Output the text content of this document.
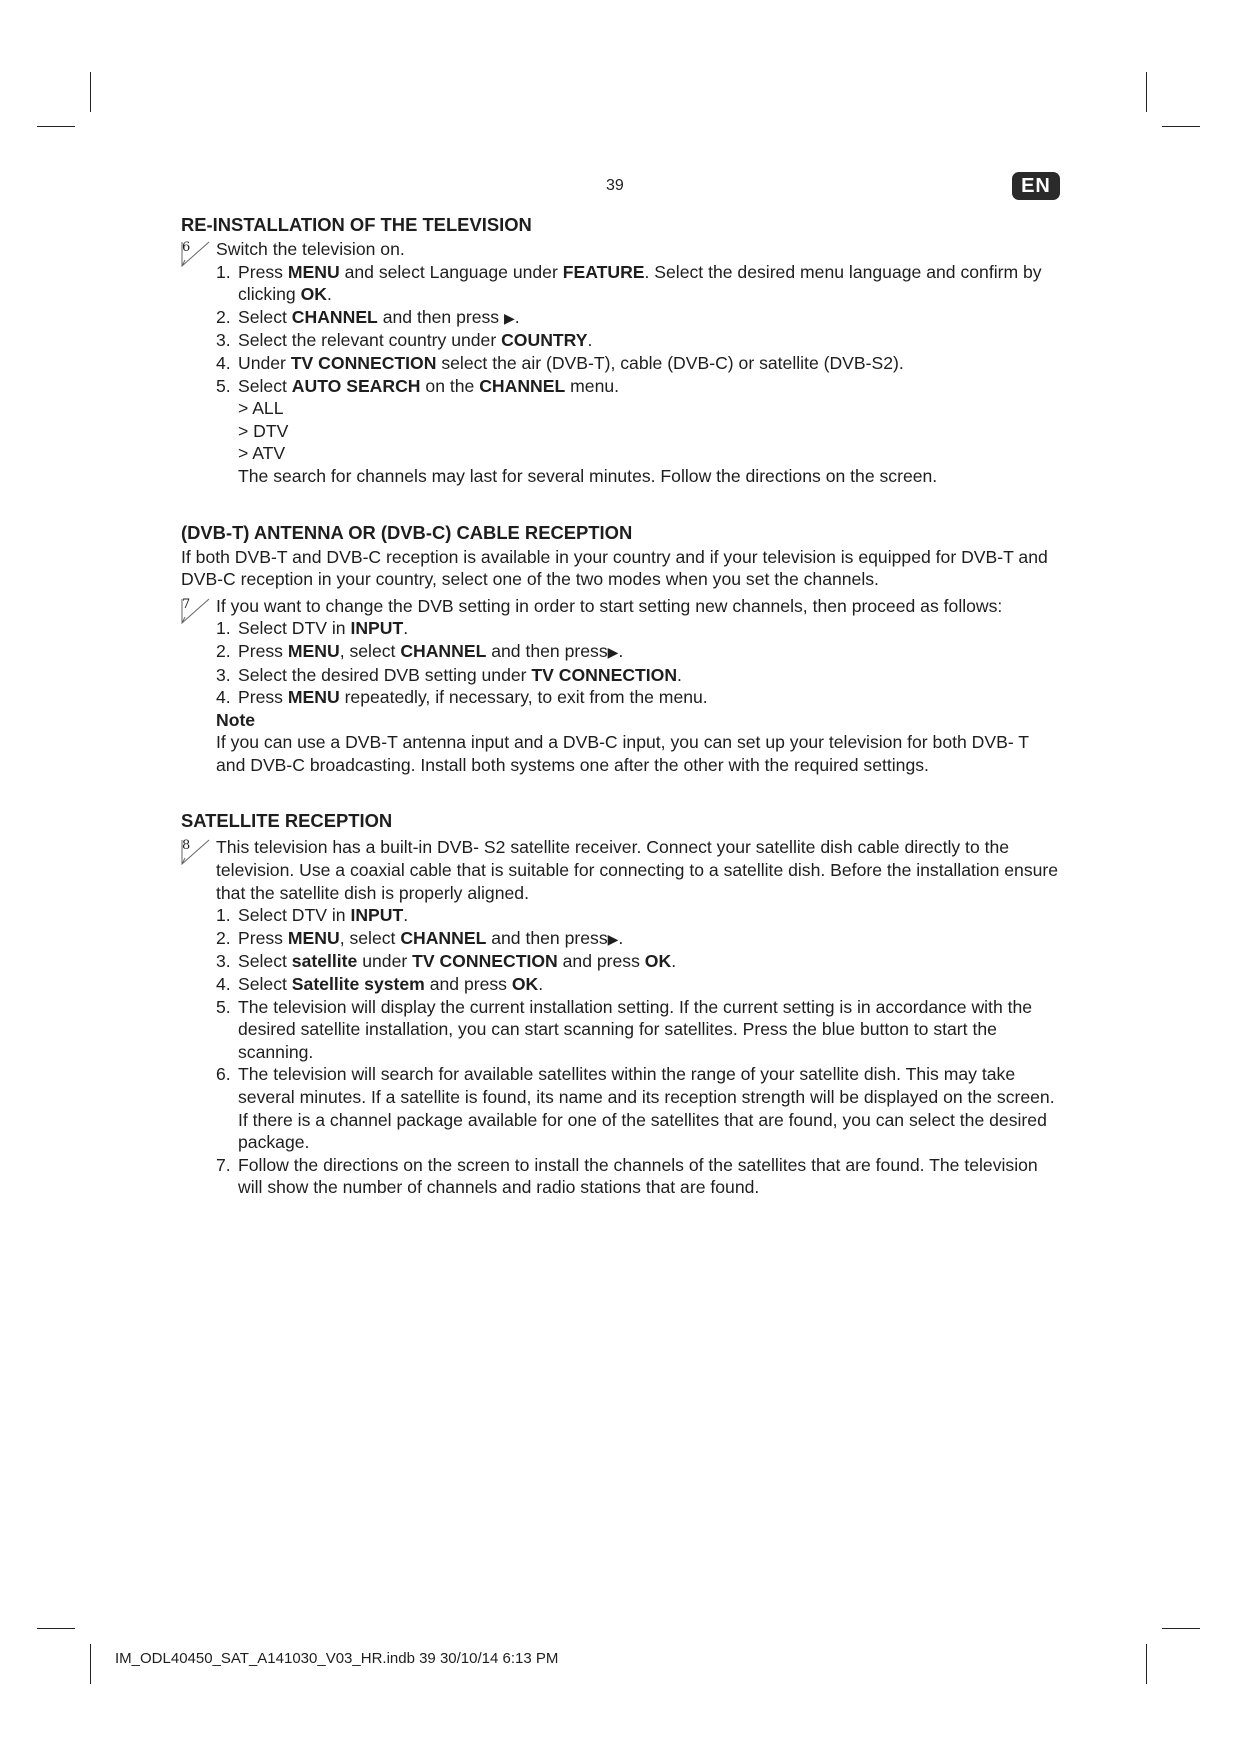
39	EN
RE-INSTALLATION OF THE TELEVISION
6 Switch the television on.

1. Press MENU and select Language under FEATURE. Select the desired menu language and confirm by clicking OK.
2. Select CHANNEL and then press ▶.
3. Select the relevant country under COUNTRY.
4. Under TV CONNECTION select the air (DVB-T), cable (DVB-C) or satellite (DVB-S2).
5. Select AUTO SEARCH on the CHANNEL menu.

> ALL

> DTV

> ATV

The search for channels may last for several minutes. Follow the directions on the screen.

(DVB-T) ANTENNA OR (DVB-C) CABLE RECEPTION

If both DVB-T and DVB-C reception is available in your country and if your television is equipped for DVB-T and DVB-C reception in your country, select one of the two modes when you set the channels.

7 If you want to change the DVB setting in order to start setting new channels, then proceed as follows:

1. Select DTV in INPUT.
2. Press MENU, select CHANNEL and then press▶.
3. Select the desired DVB setting under TV CONNECTION.
4. Press MENU repeatedly, if necessary, to exit from the menu.

Note

If you can use a DVB-T antenna input and a DVB-C input, you can set up your television for both DVB- T and DVB-C broadcasting. Install both systems one after the other with the required settings.

SATELLITE RECEPTION
8 This television has a built-in DVB- S2 satellite receiver. Connect your satellite dish cable directly to the television. Use a coaxial cable that is suitable for connecting to a satellite dish. Before the installation ensure that the satellite dish is properly aligned.

1. Select DTV in INPUT.
2. Press MENU, select CHANNEL and then press▶.
3. Select satellite under TV CONNECTION and press OK.
4. Select Satellite system and press OK.
5. The television will display the current installation setting. If the current setting is in accordance with the desired satellite installation, you can start scanning for satellites. Press the blue button to start the scanning.
6. The television will search for available satellites within the range of your satellite dish. This may take several minutes. If a satellite is found, its name and its reception strength will be displayed on the screen. If there is a channel package available for one of the satellites that are found, you can select the desired package.
7. Follow the directions on the screen to install the channels of the satellites that are found. The television will show the number of channels and radio stations that are found.
IM_ODL40450_SAT_A141030_V03_HR.indb 39 30/10/14 6:13 PM
